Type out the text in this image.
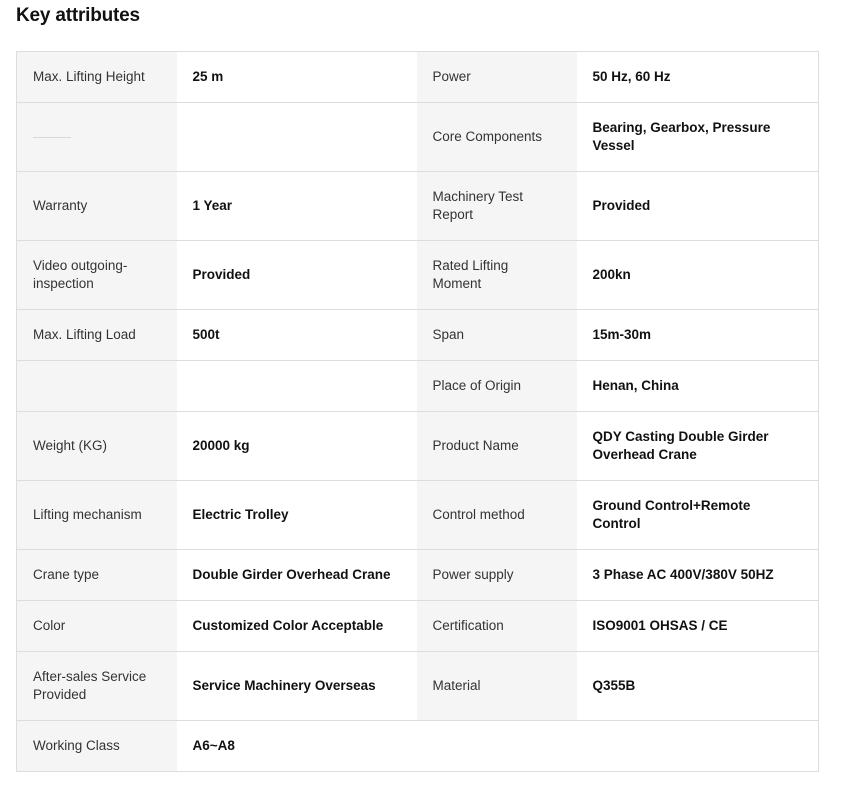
Key attributes
Max. Lifting Height	25 m	Power	50 Hz, 60 Hz
		Core Components	Bearing, Gearbox, Pressure Vessel
Warranty	1 Year	Machinery Test Report	Provided
Video outgoing-inspection	Provided	Rated Lifting Moment	200kn
Max. Lifting Load	500t	Span	15m-30m
		Place of Origin	Henan, China
Weight (KG)	20000 kg	Product Name	QDY Casting Double Girder Overhead Crane
Lifting mechanism	Electric Trolley	Control method	Ground Control+Remote Control
Crane type	Double Girder Overhead Crane	Power supply	3 Phase AC 400V/380V 50HZ
Color	Customized Color Acceptable	Certification	ISO9001 OHSAS / CE
After-sales Service Provided	Service Machinery Overseas	Material	Q355B
Working Class	A6~A8		
